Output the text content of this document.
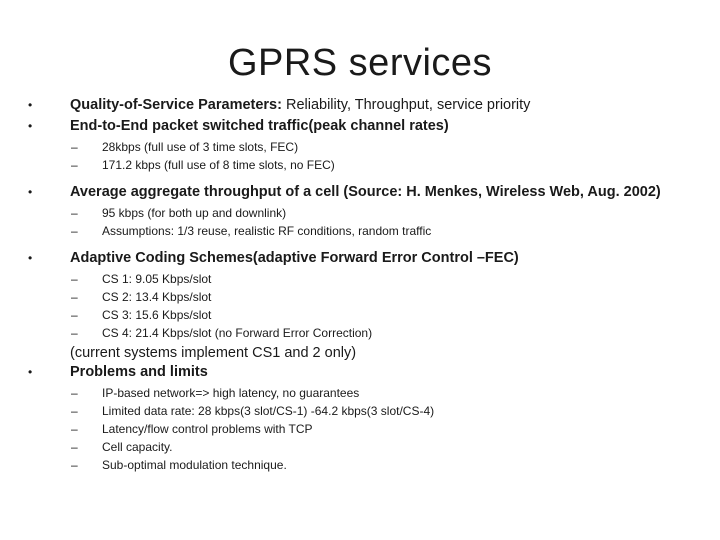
GPRS services
•	Quality-of-Service Parameters: Reliability, Throughput, service priority
•	End-to-End packet switched traffic(peak channel rates)
– 28kbps (full use of 3 time slots, FEC)
– 171.2 kbps (full use of 8 time slots, no FEC)
•	Average aggregate throughput of a cell (Source: H. Menkes, Wireless Web, Aug. 2002)
– 95 kbps (for both up and downlink)
– Assumptions: 1/3 reuse, realistic RF conditions, random traffic
•	Adaptive Coding Schemes(adaptive Forward Error Control –FEC)
– CS 1: 9.05 Kbps/slot
– CS 2: 13.4 Kbps/slot
– CS 3: 15.6 Kbps/slot
– CS 4: 21.4 Kbps/slot (no Forward Error Correction)
(current systems implement CS1 and 2 only)
•	Problems and limits
– IP-based network=> high latency, no guarantees
– Limited data rate: 28 kbps(3 slot/CS-1) -64.2 kbps(3 slot/CS-4)
– Latency/flow control problems with TCP
– Cell capacity.
– Sub-optimal modulation technique.
